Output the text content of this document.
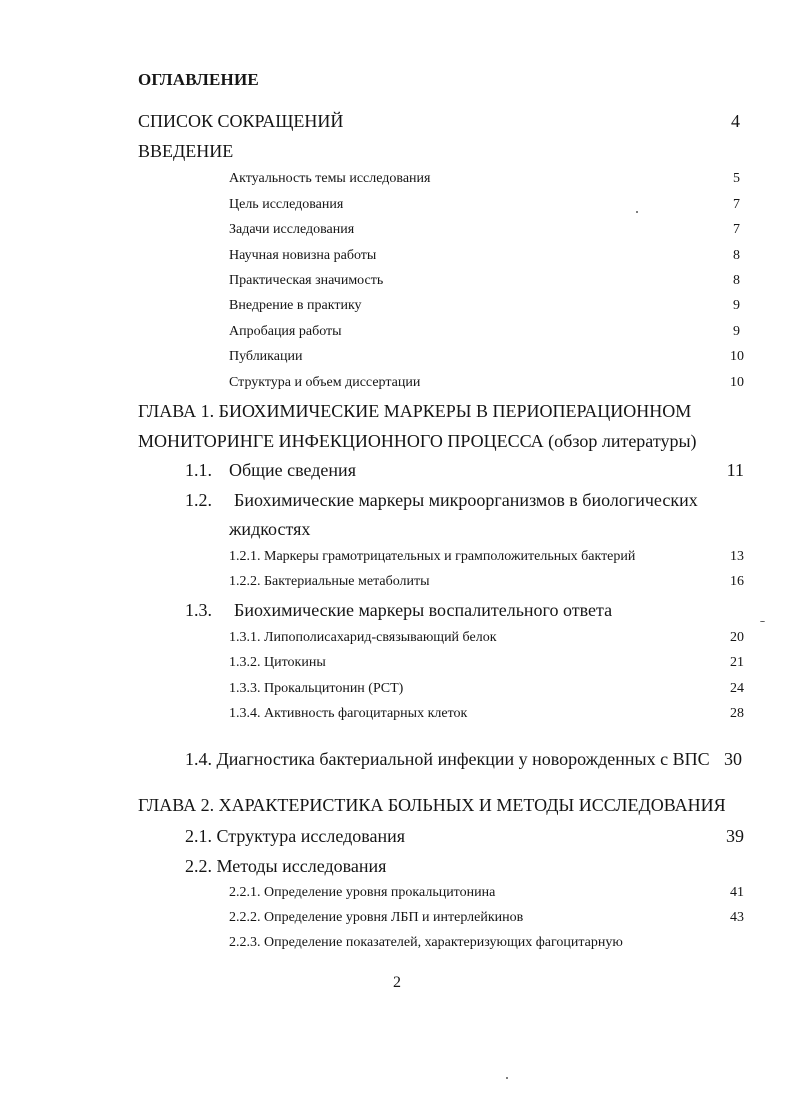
ОГЛАВЛЕНИЕ
СПИСОК СОКРАЩЕНИЙ	4
ВВЕДЕНИЕ
Актуальность темы исследования	5
Цель исследования	7
Задачи исследования	7
Научная новизна работы	8
Практическая значимость	8
Внедрение в практику	9
Апробация работы	9
Публикации	10
Структура и объем диссертации	10
ГЛАВА 1. БИОХИМИЧЕСКИЕ МАРКЕРЫ В ПЕРИОПЕРАЦИОННОМ
МОНИТОРИНГЕ ИНФЕКЦИОННОГО ПРОЦЕССА (обзор литературы)
1.1. Общие сведения	11
1.2. Биохимические маркеры микроорганизмов в биологических
жидкостях
1.2.1. Маркеры грамотрицательных и грамположительных бактерий	13
1.2.2. Бактериальные метаболиты	16
1.3. Биохимические маркеры воспалительного ответа
1.3.1. Липополисахарид-связывающий белок	20
1.3.2. Цитокины	21
1.3.3. Прокальцитонин (PCT)	24
1.3.4. Активность фагоцитарных клеток	28
1.4. Диагностика бактериальной инфекции у новорожденных с ВПС 30
ГЛАВА 2. ХАРАКТЕРИСТИКА БОЛЬНЫХ И МЕТОДЫ ИССЛЕДОВАНИЯ
2.1. Структура исследования	39
2.2. Методы исследования
2.2.1. Определение уровня прокальцитонина	41
2.2.2. Определение уровня ЛБП и интерлейкинов	43
2.2.3. Определение показателей, характеризующих фагоцитарную
2
